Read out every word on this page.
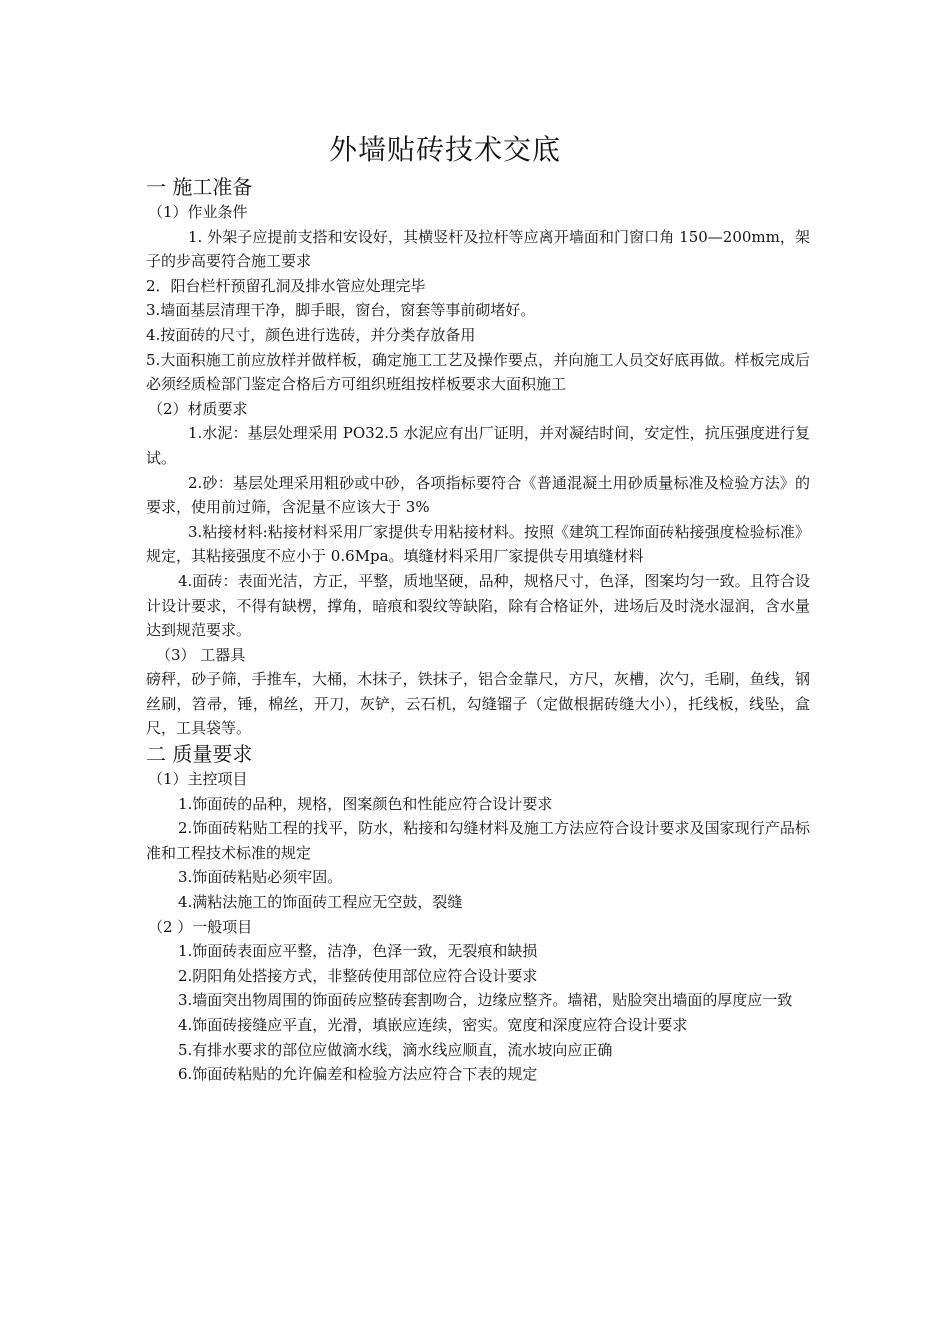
外墙贴砖技术交底

一 施工准备

（1）作业条件

1. 外架子应提前支搭和安设好，其横竖杆及拉杆等应离开墙面和门窗口角 150—200mm，架子的步高要符合施工要求

2．阳台栏杆预留孔洞及排水管应处理完毕

3.墙面基层清理干净，脚手眼，窗台，窗套等事前砌堵好。

4.按面砖的尺寸，颜色进行选砖，并分类存放备用

5.大面积施工前应放样并做样板，确定施工工艺及操作要点，并向施工人员交好底再做。样板完成后必须经质检部门鉴定合格后方可组织班组按样板要求大面积施工

（2）材质要求

1.水泥：基层处理采用 PO32.5 水泥应有出厂证明，并对凝结时间，安定性，抗压强度进行复试。

2.砂：基层处理采用粗砂或中砂，各项指标要符合《普通混凝土用砂质量标准及检验方法》的要求，使用前过筛，含泥量不应该大于 3%

3.粘接材料:粘接材料采用厂家提供专用粘接材料。按照《建筑工程饰面砖粘接强度检验标准》规定，其粘接强度不应小于 0.6Mpa。填缝材料采用厂家提供专用填缝材料

4.面砖：表面光洁，方正，平整，质地坚硬，品种，规格尺寸，色泽，图案均匀一致。且符合设计设计要求，不得有缺楞，撑角，暗痕和裂纹等缺陷，除有合格证外，进场后及时浇水湿润，含水量达到规范要求。

（3） 工器具

磅秤，砂子筛，手推车，大桶，木抹子，铁抹子，铝合金靠尺，方尺，灰槽，次勺，毛刷，鱼线，钢丝刷，笤帚，锤，棉丝，开刀，灰铲，云石机，勾缝镏子（定做根据砖缝大小），托线板，线坠，盒尺，工具袋等。

二 质量要求

（1）主控项目

1.饰面砖的品种，规格，图案颜色和性能应符合设计要求

2.饰面砖粘贴工程的找平，防水，粘接和勾缝材料及施工方法应符合设计要求及国家现行产品标准和工程技术标准的规定

3.饰面砖粘贴必须牢固。

4.满粘法施工的饰面砖工程应无空鼓，裂缝

（2 ）一般项目

1.饰面砖表面应平整，洁净，色泽一致，无裂痕和缺损

2.阴阳角处搭接方式，非整砖使用部位应符合设计要求

3.墙面突出物周围的饰面砖应整砖套割吻合，边缘应整齐。墙裙，贴脸突出墙面的厚度应一致

4.饰面砖接缝应平直，光滑，填嵌应连续，密实。宽度和深度应符合设计要求

5.有排水要求的部位应做滴水线，滴水线应顺直，流水坡向应正确

6.饰面砖粘贴的允许偏差和检验方法应符合下表的规定
